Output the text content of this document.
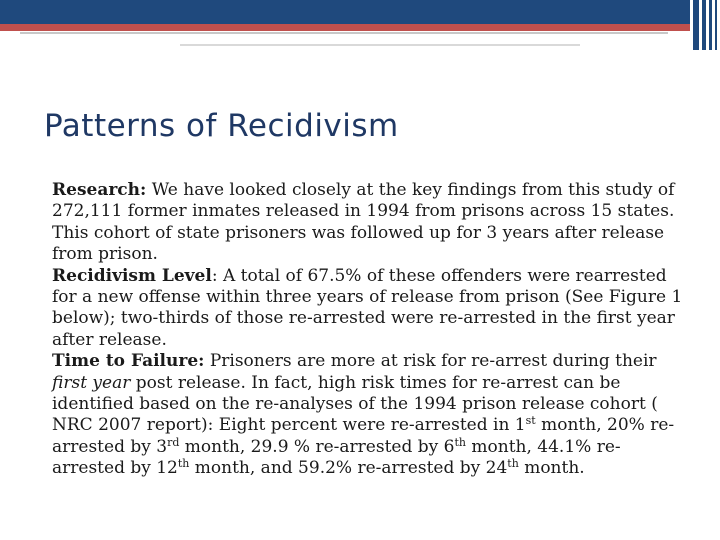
Patterns of Recidivism

Research: We have looked closely at the key findings from this study of 272,111 former inmates released in 1994 from prisons across 15 states. This cohort of state prisoners was followed up for 3 years after release from prison.

Recidivism Level: A total of 67.5% of these offenders were rearrested for a new offense within three years of release from prison (See Figure 1 below); two-thirds of those re-arrested were re-arrested in the first year after release.

Time to Failure: Prisoners are more at risk for re-arrest during their first year post release. In fact, high risk times for re-arrest can be identified based on the re-analyses of the 1994 prison release cohort ( NRC 2007 report): Eight percent were re-arrested in 1st month, 20% re-arrested by 3rd month, 29.9 % re-arrested by 6th month, 44.1% re-arrested by 12th month, and 59.2% re-arrested by 24th month.
